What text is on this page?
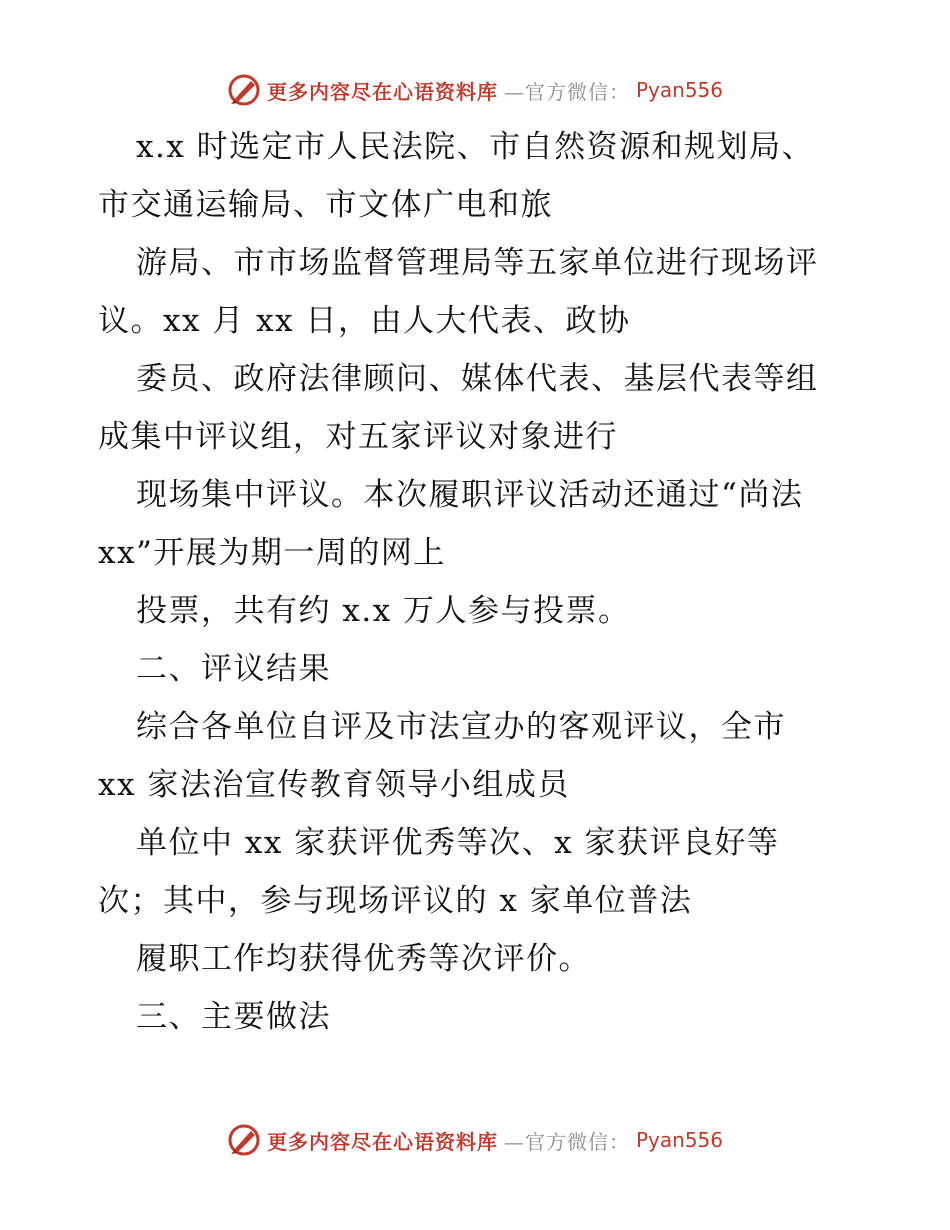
更多内容尽在心语资料库 —官方微信： Pyan556
x.x 时选定市人民法院、市自然资源和规划局、
市交通运输局、市文体广电和旅
游局、市市场监督管理局等五家单位进行现场评
议。xx 月 xx 日，由人大代表、政协
委员、政府法律顾问、媒体代表、基层代表等组
成集中评议组，对五家评议对象进行
现场集中评议。本次履职评议活动还通过“尚法
xx”开展为期一周的网上
投票，共有约 x.x 万人参与投票。
二、评议结果
综合各单位自评及市法宣办的客观评议，全市
xx 家法治宣传教育领导小组成员
单位中 xx 家获评优秀等次、x 家获评良好等
次；其中，参与现场评议的 x 家单位普法
履职工作均获得优秀等次评价。
三、主要做法
更多内容尽在心语资料库 —官方微信： Pyan556
